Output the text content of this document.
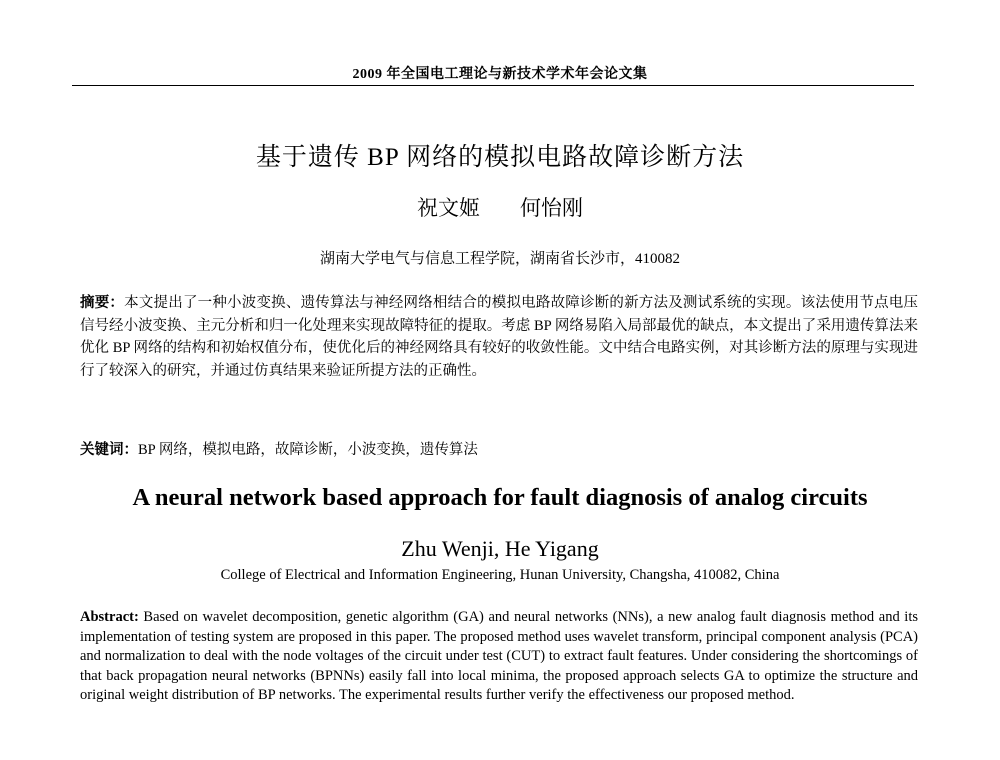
2009 年全国电工理论与新技术学术年会论文集
基于遗传 BP 网络的模拟电路故障诊断方法
祝文姬 何怡刚
湖南大学电气与信息工程学院，湖南省长沙市，410082
摘要：本文提出了一种小波变换、遗传算法与神经网络相结合的模拟电路故障诊断的新方法及测试系统的实现。该法使用节点电压信号经小波变换、主元分析和归一化处理来实现故障特征的提取。考虑 BP 网络易陷入局部最优的缺点，本文提出了采用遗传算法来优化 BP 网络的结构和初始权值分布，使优化后的神经网络具有较好的收敛性能。文中结合电路实例，对其诊断方法的原理与实现进行了较深入的研究，并通过仿真结果来验证所提方法的正确性。
关键词：BP 网络，模拟电路，故障诊断，小波变换，遗传算法
A neural network based approach for fault diagnosis of analog circuits
Zhu Wenji, He Yigang
College of Electrical and Information Engineering, Hunan University, Changsha, 410082, China
Abstract: Based on wavelet decomposition, genetic algorithm (GA) and neural networks (NNs), a new analog fault diagnosis method and its implementation of testing system are proposed in this paper. The proposed method uses wavelet transform, principal component analysis (PCA) and normalization to deal with the node voltages of the circuit under test (CUT) to extract fault features. Under considering the shortcomings of that back propagation neural networks (BPNNs) easily fall into local minima, the proposed approach selects GA to optimize the structure and original weight distribution of BP networks. The experimental results further verify the effectiveness our proposed method.
